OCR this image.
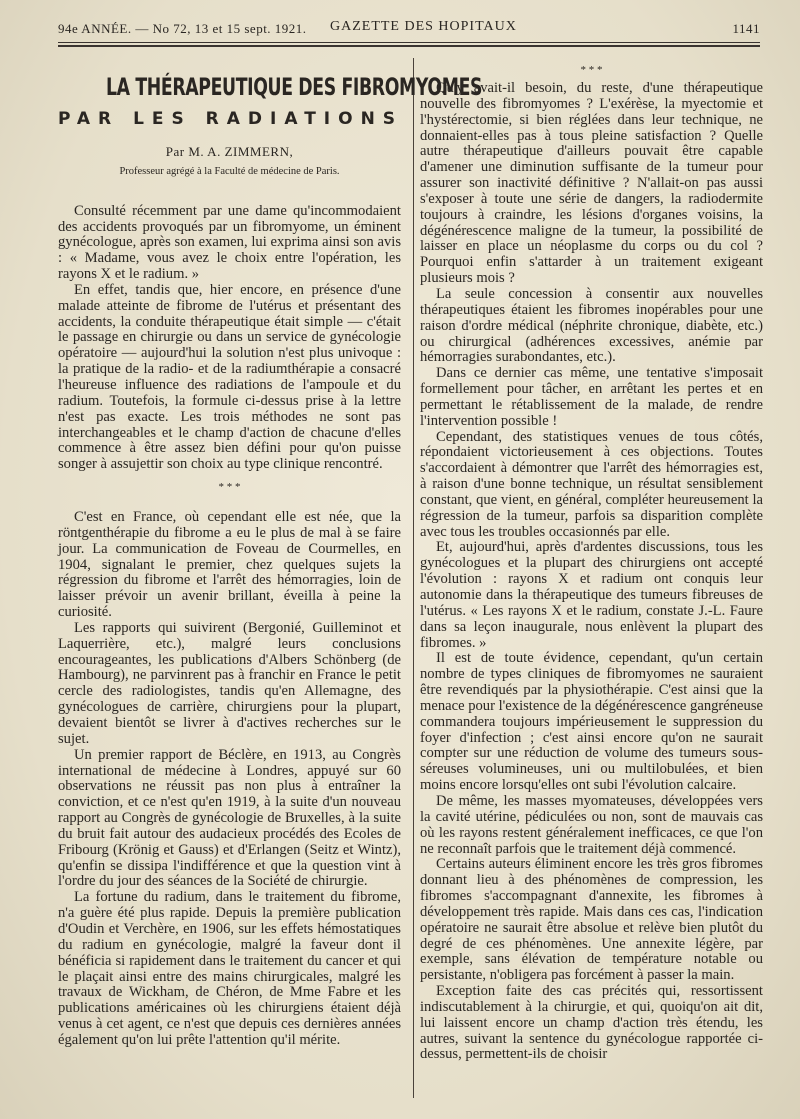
94e ANNÉE. — No 72, 13 et 15 sept. 1921. GAZETTE DES HOPITAUX	1141
LA THÉRAPEUTIQUE DES FIBROMYOMES
PAR LES RADIATIONS
Par M. A. ZIMMERN,
Professeur agrégé à la Faculté de médecine de Paris.

Consulté récemment par une dame qu'incommodaient des accidents provoqués par un fibromyome, un éminent gynécologue, après son examen, lui exprima ainsi son avis : « Madame, vous avez le choix entre l'opération, les rayons X et le radium. »

En effet, tandis que, hier encore, en présence d'une malade atteinte de fibrome de l'utérus et présentant des accidents, la conduite thérapeutique était simple — c'était le passage en chirurgie ou dans un service de gynécologie opératoire — aujourd'hui la solution n'est plus univoque : la pratique de la radio- et de la radiumthérapie a consacré l'heureuse influence des radiations de l'ampoule et du radium. Toutefois, la formule ci-dessus prise à la lettre n'est pas exacte. Les trois méthodes ne sont pas interchangeables et le champ d'action de chacune d'elles commence à être assez bien défini pour qu'on puisse songer à assujettir son choix au type clinique rencontré.

* * *

C'est en France, où cependant elle est née, que la röntgenthérapie du fibrome a eu le plus de mal à se faire jour. La communication de Foveau de Courmelles, en 1904, signalant le premier, chez quelques sujets la régression du fibrome et l'arrêt des hémorragies, loin de laisser prévoir un avenir brillant, éveilla à peine la curiosité.

Les rapports qui suivirent (Bergonié, Guilleminot et Laquerrière, etc.), malgré leurs conclusions encourageantes, les publications d'Albers Schönberg (de Hambourg), ne parvinrent pas à franchir en France le petit cercle des radiologistes, tandis qu'en Allemagne, des gynécologues de carrière, chirurgiens pour la plupart, devaient bientôt se livrer à d'actives recherches sur le sujet.

Un premier rapport de Béclère, en 1913, au Congrès international de médecine à Londres, appuyé sur 60 observations ne réussit pas non plus à entraîner la conviction, et ce n'est qu'en 1919, à la suite d'un nouveau rapport au Congrès de gynécologie de Bruxelles, à la suite du bruit fait autour des audacieux procédés des Ecoles de Fribourg (Krönig et Gauss) et d'Erlangen (Seitz et Wintz), qu'enfin se dissipa l'indifférence et que la question vint à l'ordre du jour des séances de la Société de chirurgie.

La fortune du radium, dans le traitement du fibrome, n'a guère été plus rapide. Depuis la première publication d'Oudin et Verchère, en 1906, sur les effets hémostatiques du radium en gynécologie, malgré la faveur dont il bénéficia si rapidement dans le traitement du cancer et qui le plaçait ainsi entre des mains chirurgicales, malgré les travaux de Wickham, de Chéron, de Mme Fabre et les publications américaines où les chirurgiens étaient déjà venus à cet agent, ce n'est que depuis ces dernières années également qu'on lui prête l'attention qu'il mérite.

* * *

Qu'y avait-il besoin, du reste, d'une thérapeutique nouvelle des fibromyomes ? L'exérèse, la myectomie et l'hystérectomie, si bien réglées dans leur technique, ne donnaient-elles pas à tous pleine satisfaction ? Quelle autre thérapeutique d'ailleurs pouvait être capable d'amener une diminution suffisante de la tumeur pour assurer son inactivité définitive ? N'allait-on pas aussi s'exposer à toute une série de dangers, la radiodermite toujours à craindre, les lésions d'organes voisins, la dégénérescence maligne de la tumeur, la possibilité de laisser en place un néoplasme du corps ou du col ? Pourquoi enfin s'attarder à un traitement exigeant plusieurs mois ?

La seule concession à consentir aux nouvelles thérapeutiques étaient les fibromes inopérables pour une raison d'ordre médical (néphrite chronique, diabète, etc.) ou chirurgical (adhérences excessives, anémie par hémorragies surabondantes, etc.).

Dans ce dernier cas même, une tentative s'imposait formellement pour tâcher, en arrêtant les pertes et en permettant le rétablissement de la malade, de rendre l'intervention possible !

Cependant, des statistiques venues de tous côtés, répondaient victorieusement à ces objections. Toutes s'accordaient à démontrer que l'arrêt des hémorragies est, à raison d'une bonne technique, un résultat sensiblement constant, que vient, en général, compléter heureusement la régression de la tumeur, parfois sa disparition complète avec tous les troubles occasionnés par elle.

Et, aujourd'hui, après d'ardentes discussions, tous les gynécologues et la plupart des chirurgiens ont accepté l'évolution : rayons X et radium ont conquis leur autonomie dans la thérapeutique des tumeurs fibreuses de l'utérus. « Les rayons X et le radium, constate J.-L. Faure dans sa leçon inaugurale, nous enlèvent la plupart des fibromes. »

Il est de toute évidence, cependant, qu'un certain nombre de types cliniques de fibromyomes ne sauraient être revendiqués par la physiothérapie. C'est ainsi que la menace pour l'existence de la dégénérescence gangréneuse commandera toujours impérieusement le suppression du foyer d'infection ; c'est ainsi encore qu'on ne saurait compter sur une réduction de volume des tumeurs sous-séreuses volumineuses, uni ou multilobulées, et bien moins encore lorsqu'elles ont subi l'évolution calcaire.

De même, les masses myomateuses, développées vers la cavité utérine, pédiculées ou non, sont de mauvais cas où les rayons restent généralement inefficaces, ce que l'on ne reconnaît parfois que le traitement déjà commencé.

Certains auteurs éliminent encore les très gros fibromes donnant lieu à des phénomènes de compression, les fibromes s'accompagnant d'annexite, les fibromes à développement très rapide. Mais dans ces cas, l'indication opératoire ne saurait être absolue et relève bien plutôt du degré de ces phénomènes. Une annexite légère, par exemple, sans élévation de température notable ou persistante, n'obligera pas forcément à passer la main.

Exception faite des cas précités qui, ressortissent indiscutablement à la chirurgie, et qui, quoiqu'on ait dit, lui laissent encore un champ d'action très étendu, les autres, suivant la sentence du gynécologue rapportée ci-dessus, permettent-ils de choisir
